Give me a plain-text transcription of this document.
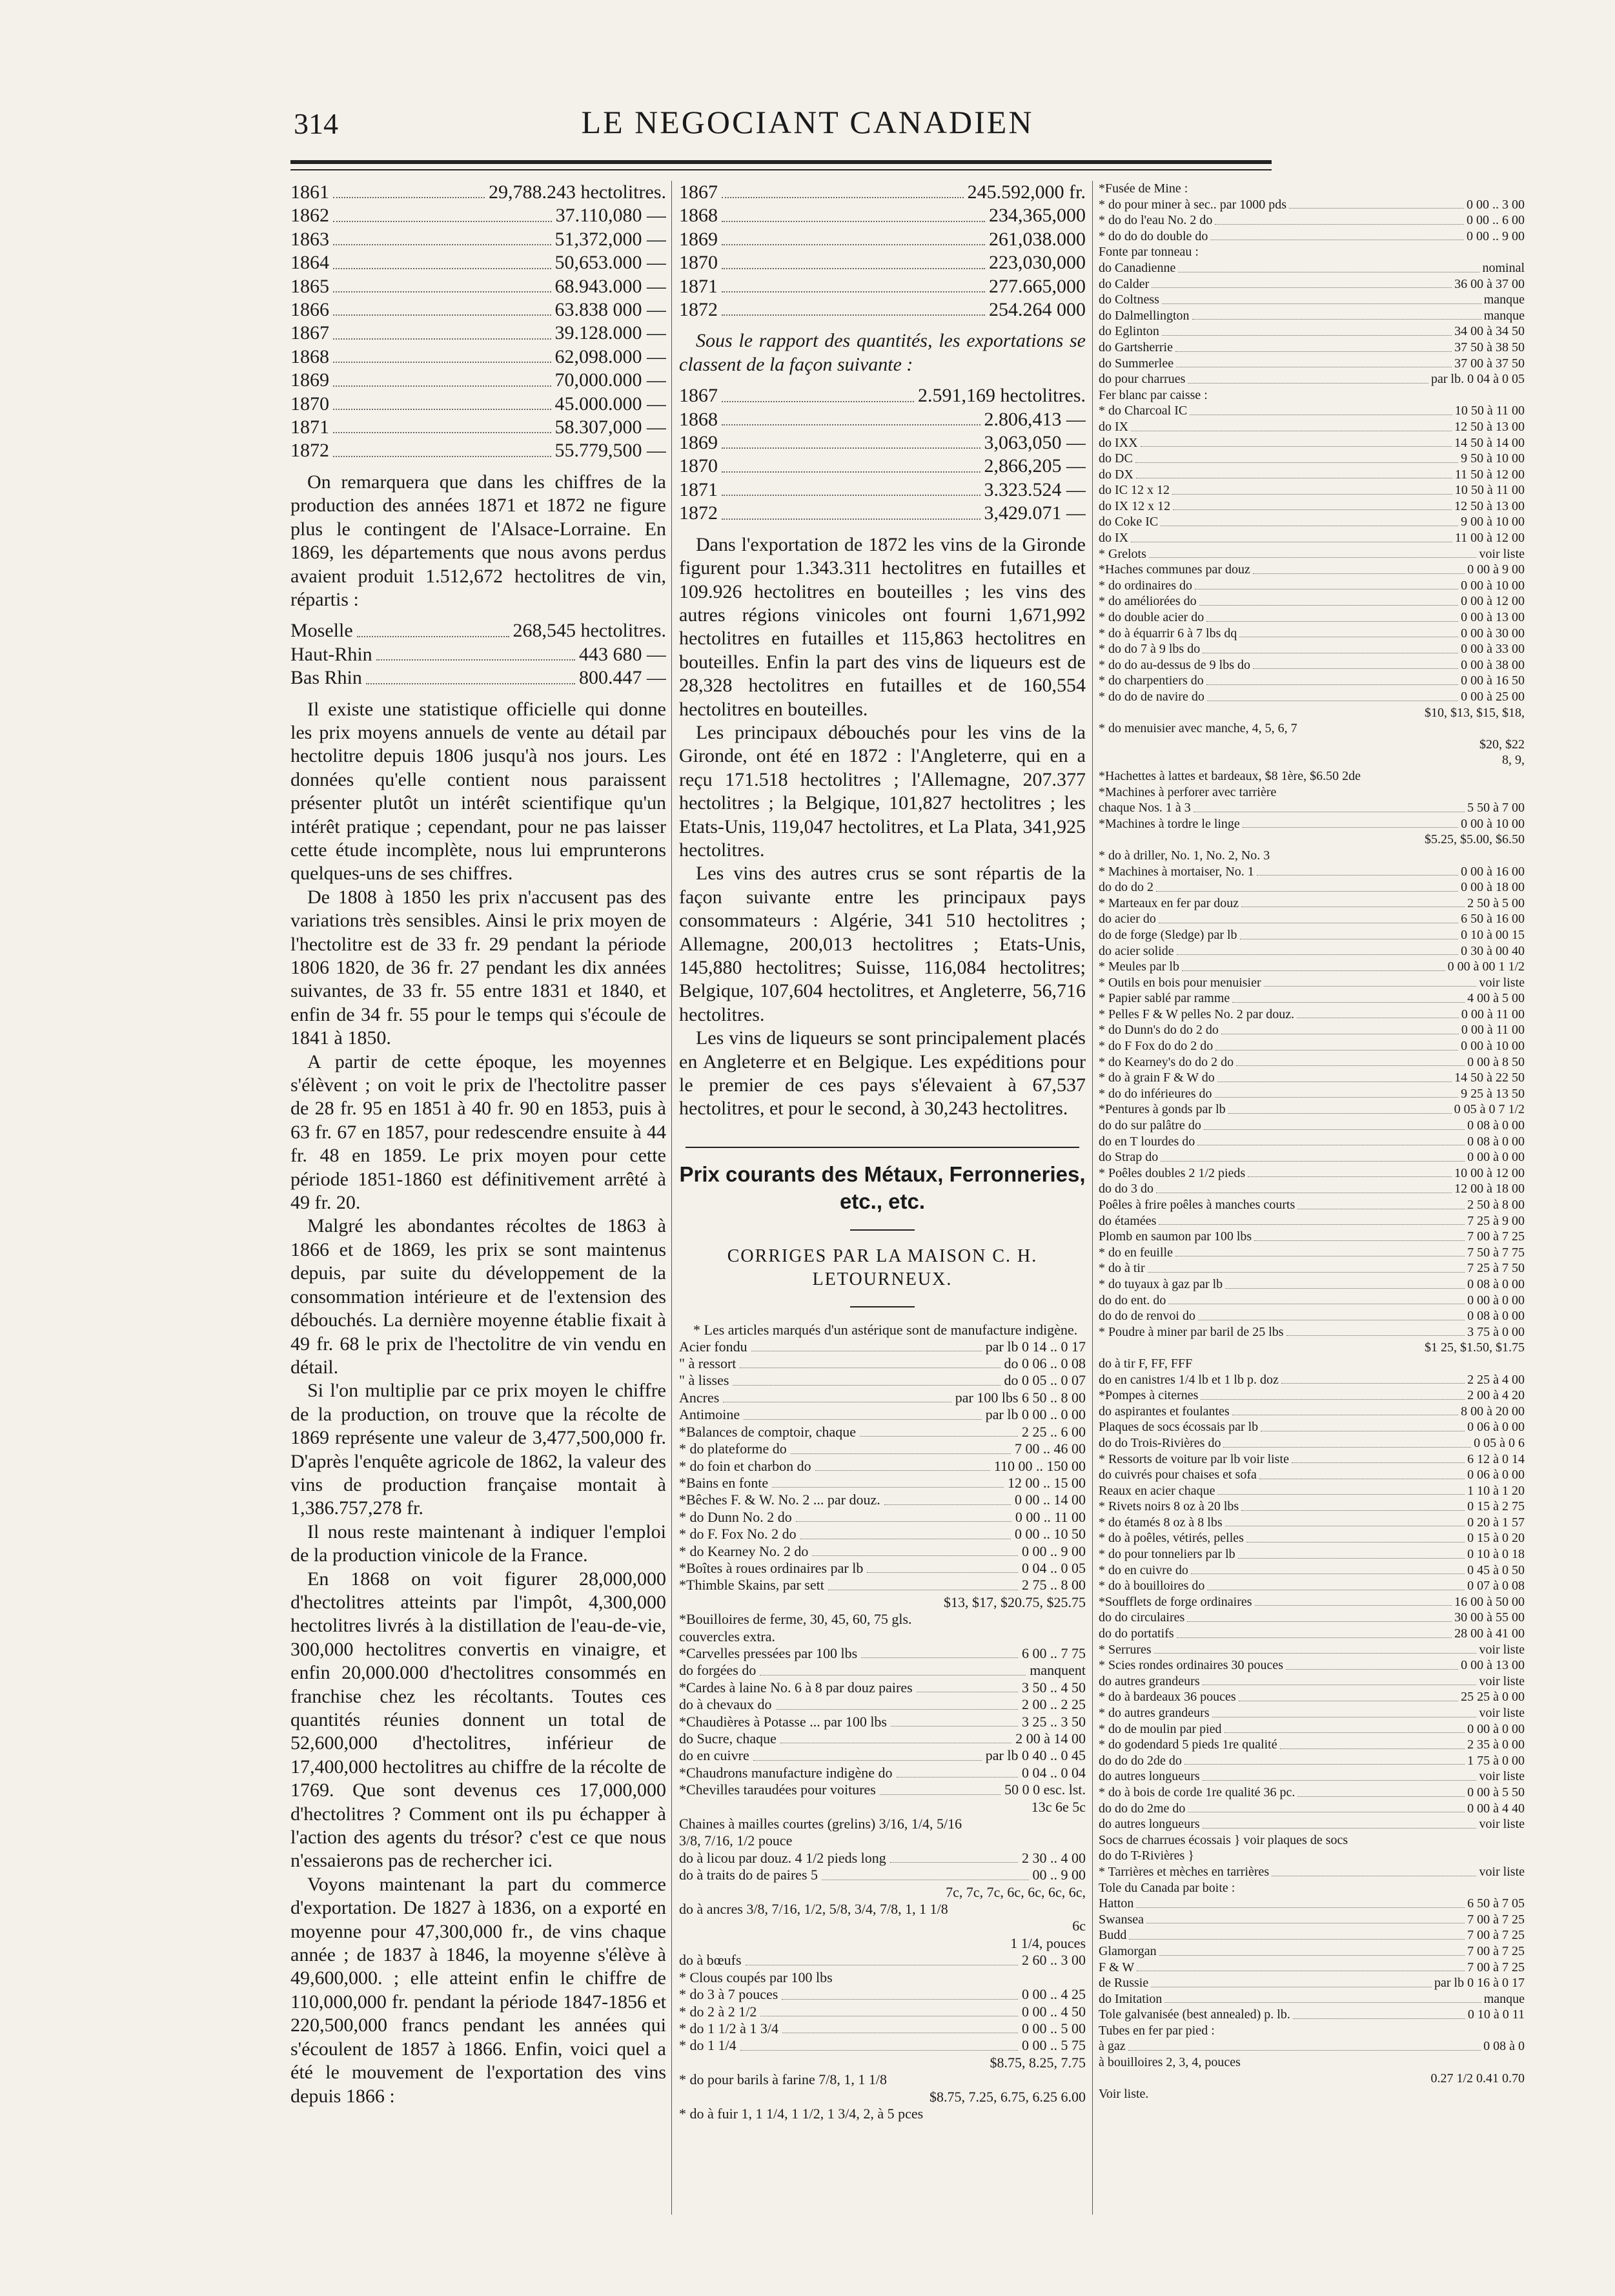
314	LE NEGOCIANT CANADIEN
1861	29,788.243 hectolitres.
1862	37.110,080 —
1863	51,372,000 —
1864	50,653.000 —
1865	68.943.000 —
1866	63.838 000 —
1867	39.128.000 —
1868	62,098.000 —
1869	70,000.000 —
1870	45.000.000 —
1871	58.307,000 —
1872	55.779,500 —

On remarquera que dans les chiffres de la production des années 1871 et 1872 ne figure plus le contingent de l'Alsace-Lorraine. En 1869, les départements que nous avons perdus avaient produit 1.512,672 hectolitres de vin, répartis :

Moselle	268,545 hectolitres.
Haut-Rhin	443 680 —
Bas Rhin	800.447 —

Il existe une statistique officielle qui donne les prix moyens annuels de vente au détail par hectolitre depuis 1806 jusqu'à nos jours. Les données qu'elle contient nous paraissent présenter plutôt un intérêt scientifique qu'un intérêt pratique ; cependant, pour ne pas laisser cette étude incomplète, nous lui emprunterons quelques-uns de ses chiffres.

De 1808 à 1850 les prix n'accusent pas des variations très sensibles. Ainsi le prix moyen de l'hectolitre est de 33 fr. 29 pendant la période 1806 1820, de 36 fr. 27 pendant les dix années suivantes, de 33 fr. 55 entre 1831 et 1840, et enfin de 34 fr. 55 pour le temps qui s'écoule de 1841 à 1850.

A partir de cette époque, les moyennes s'élèvent ; on voit le prix de l'hectolitre passer de 28 fr. 95 en 1851 à 40 fr. 90 en 1853, puis à 63 fr. 67 en 1857, pour redescendre ensuite à 44 fr. 48 en 1859. Le prix moyen pour cette période 1851-1860 est définitivement arrêté à 49 fr. 20.

Malgré les abondantes récoltes de 1863 à 1866 et de 1869, les prix se sont maintenus depuis, par suite du développement de la consommation intérieure et de l'extension des débouchés. La dernière moyenne établie fixait à 49 fr. 68 le prix de l'hectolitre de vin vendu en détail.

Si l'on multiplie par ce prix moyen le chiffre de la production, on trouve que la récolte de 1869 représente une valeur de 3,477,500,000 fr. D'après l'enquête agricole de 1862, la valeur des vins de production française montait à 1,386.757,278 fr.

Il nous reste maintenant à indiquer l'emploi de la production vinicole de la France.

En 1868 on voit figurer 28,000,000 d'hectolitres atteints par l'impôt, 4,300,000 hectolitres livrés à la distillation de l'eau-de-vie, 300,000 hectolitres convertis en vinaigre, et enfin 20,000.000 d'hectolitres consommés en franchise chez les récoltants. Toutes ces quantités réunies donnent un total de 52,600,000 d'hectolitres, inférieur de 17,400,000 hectolitres au chiffre de la récolte de 1769. Que sont devenus ces 17,000,000 d'hectolitres ? Comment ont ils pu échapper à l'action des agents du trésor? c'est ce que nous n'essaierons pas de rechercher ici.

Voyons maintenant la part du commerce d'exportation. De 1827 à 1836, on a exporté en moyenne pour 47,300,000 fr., de vins chaque année ; de 1837 à 1846, la moyenne s'élève à 49,600,000. ; elle atteint enfin le chiffre de 110,000,000 fr. pendant la période 1847-1856 et 220,500,000 francs pendant les années qui s'écoulent de 1857 à 1866. Enfin, voici quel a été le mouvement de l'exportation des vins depuis 1866 :

1867	245.592,000 fr.
1868	234,365,000
1869	261,038.000
1870	223,030,000
1871	277.665,000
1872	254.264 000

Sous le rapport des quantités, les exportations se classent de la façon suivante :

1867	2.591,169 hectolitres.
1868	2.806,413 —
1869	3,063,050 —
1870	2,866,205 —
1871	3.323.524 —
1872	3,429.071 —

Dans l'exportation de 1872 les vins de la Gironde figurent pour 1.343.311 hectolitres en futailles et 109.926 hectolitres en bouteilles ; les vins des autres régions vinicoles ont fourni 1,671,992 hectolitres en futailles et 115,863 hectolitres en bouteilles. Enfin la part des vins de liqueurs est de 28,328 hectolitres en futailles et de 160,554 hectolitres en bouteilles.

Les principaux débouchés pour les vins de la Gironde, ont été en 1872 : l'Angleterre, qui en a reçu 171.518 hectolitres ; l'Allemagne, 207.377 hectolitres ; la Belgique, 101,827 hectolitres ; les Etats-Unis, 119,047 hectolitres, et La Plata, 341,925 hectolitres.

Les vins des autres crus se sont répartis de la façon suivante entre les principaux pays consommateurs : Algérie, 341 510 hectolitres ; Allemagne, 200,013 hectolitres ; Etats-Unis, 145,880 hectolitres; Suisse, 116,084 hectolitres; Belgique, 107,604 hectolitres, et Angleterre, 56,716 hectolitres.

Les vins de liqueurs se sont principalement placés en Angleterre et en Belgique. Les expéditions pour le premier de ces pays s'élevaient à 67,537 hectolitres, et pour le second, à 30,243 hectolitres.

Prix courants des Métaux, Ferronneries, etc., etc.
CORRIGES PAR LA MAISON C. H. LETOURNEUX.

* Les articles marqués d'un astérique sont de manufacture indigène.

Acier fondu	par lb 0 14 .. 0 17
" à ressort	do 0 06 .. 0 08
" à lisses	do 0 05 .. 0 07
Ancres	par 100 lbs 6 50 .. 8 00
Antimoine	par lb 0 00 .. 0 00
*Balances de comptoir, chaque	2 25 .. 6 00
* do plateforme do	7 00 .. 46 00
* do foin et charbon do	110 00 .. 150 00
*Bains en fonte	12 00 .. 15 00
*Bêches F. & W. No. 2 ... par douz.	0 00 .. 14 00
* do Dunn No. 2 do	0 00 .. 11 00
* do F. Fox No. 2 do	0 00 .. 10 50
* do Kearney No. 2 do	0 00 .. 9 00
*Boîtes à roues ordinaires par lb	0 04 .. 0 05
*Thimble Skains, par sett	2 75 .. 8 00
$13, $17, $20.75, $25.75
*Bouilloires de ferme, 30, 45, 60, 75 gls.
couvercles extra.
*Carvelles pressées par 100 lbs	6 00 .. 7 75
do forgées do	manquent
*Cardes à laine No. 6 à 8 par douz paires	3 50 .. 4 50
do à chevaux do	2 00 .. 2 25
*Chaudières à Potasse ... par 100 lbs	3 25 .. 3 50
do Sucre, chaque	2 00 à 14 00
do en cuivre	par lb 0 40 .. 0 45
*Chaudrons manufacture indigène do	0 04 .. 0 04
*Chevilles taraudées pour voitures	50 0 0 esc. lst.
13c 6e 5c
Chaines à mailles courtes (grelins) 3/16, 1/4, 5/16
3/8, 7/16, 1/2 pouce
do à licou par douz. 4 1/2 pieds long	2 30 .. 4 00
do à traits do de paires 5	00 .. 9 00
7c, 7c, 7c, 6c, 6c, 6c, 6c,
do à ancres 3/8, 7/16, 1/2, 5/8, 3/4, 7/8, 1, 1 1/8
6c
1 1/4, pouces
do à bœufs	2 60 .. 3 00
* Clous coupés par 100 lbs
* do 3 à 7 pouces	0 00 .. 4 25
* do 2 à 2 1/2	0 00 .. 4 50
* do 1 1/2 à 1 3/4	0 00 .. 5 00
* do 1 1/4	0 00 .. 5 75
$8.75, 8.25, 7.75
* do pour barils à farine 7/8, 1, 1 1/8
$8.75, 7.25, 6.75, 6.25 6.00
* do à fuir 1, 1 1/4, 1 1/2, 1 3/4, 2, à 5 pces
*Fusée de Mine :
* do pour miner à sec.. par 1000 pds	0 00 .. 3 00
* do do l'eau No. 2 do	0 00 .. 6 00
* do do do double do	0 00 .. 9 00
Fonte par tonneau :
do Canadienne	nominal
do Calder	36 00 à 37 00
do Coltness	manque
do Dalmellington	manque
do Eglinton	34 00 à 34 50
do Gartsherrie	37 50 à 38 50
do Summerlee	37 00 à 37 50
do pour charrues	par lb. 0 04 à 0 05
Fer blanc par caisse :
* do Charcoal IC	10 50 à 11 00
do IX	12 50 à 13 00
do IXX	14 50 à 14 00
do DC	9 50 à 10 00
do DX	11 50 à 12 00
do IC 12 x 12	10 50 à 11 00
do IX 12 x 12	12 50 à 13 00
do Coke IC	9 00 à 10 00
do IX	11 00 à 12 00
* Grelots	voir liste
*Haches communes par douz	0 00 à 9 00
* do ordinaires do	0 00 à 10 00
* do améliorées do	0 00 à 12 00
* do double acier do	0 00 à 13 00
* do à équarrir 6 à 7 lbs dq	0 00 à 30 00
* do do 7 à 9 lbs do	0 00 à 33 00
* do do au-dessus de 9 lbs do	0 00 à 38 00
* do charpentiers do	0 00 à 16 50
* do do de navire do	0 00 à 25 00
$10, $13, $15, $18,
* do menuisier avec manche, 4, 5, 6, 7
$20, $22
8, 9,
*Hachettes à lattes et bardeaux, $8 1ère, $6.50 2de
*Machines à perforer avec tarrière
chaque Nos. 1 à 3	5 50 à 7 00
*Machines à tordre le linge	0 00 à 10 00
$5.25, $5.00, $6.50
* do à driller, No. 1, No. 2, No. 3
* Machines à mortaiser, No. 1	0 00 à 16 00
do do do 2	0 00 à 18 00
* Marteaux en fer par douz	2 50 à 5 00
do acier do	6 50 à 16 00
do de forge (Sledge) par lb	0 10 à 00 15
do acier solide	0 30 à 00 40
* Meules par lb	0 00 à 00 1 1/2
* Outils en bois pour menuisier	voir liste
* Papier sablé par ramme	4 00 à 5 00
* Pelles F & W pelles No. 2 par douz.	0 00 à 11 00
* do Dunn's do do 2 do	0 00 à 11 00
* do F Fox do do 2 do	0 00 à 10 00
* do Kearney's do do 2 do	0 00 à 8 50
* do à grain F & W do	14 50 à 22 50
* do do inférieures do	9 25 à 13 50
*Pentures à gonds par lb	0 05 à 0 7 1/2
do do sur palâtre do	0 08 à 0 00
do en T lourdes do	0 08 à 0 00
do Strap do	0 00 à 0 00
* Poêles doubles 2 1/2 pieds	10 00 à 12 00
do do 3 do	12 00 à 18 00
Poêles à frire poêles à manches courts	2 50 à 8 00
do étamées	7 25 à 9 00
Plomb en saumon par 100 lbs	7 00 à 7 25
* do en feuille	7 50 à 7 75
* do à tir	7 25 à 7 50
* do tuyaux à gaz par lb	0 08 à 0 00
do do ent. do	0 00 à 0 00
do do de renvoi do	0 08 à 0 00
* Poudre à miner par baril de 25 lbs	3 75 à 0 00
$1 25, $1.50, $1.75
do à tir F, FF, FFF
do en canistres 1/4 lb et 1 lb p. doz	2 25 à 4 00
*Pompes à citernes	2 00 à 4 20
do aspirantes et foulantes	8 00 à 20 00
Plaques de socs écossais par lb	0 06 à 0 00
do do Trois-Rivières do	0 05 à 0 6
* Ressorts de voiture par lb voir liste	6 12 à 0 14
do cuivrés pour chaises et sofa	0 06 à 0 00
Reaux en acier chaque	1 10 à 1 20
* Rivets noirs 8 oz à 20 lbs	0 15 à 2 75
* do étamés 8 oz à 8 lbs	0 20 à 1 57
* do à poêles, vétirés, pelles	0 15 à 0 20
* do pour tonneliers par lb	0 10 à 0 18
* do en cuivre do	0 45 à 0 50
* do à bouilloires do	0 07 à 0 08
*Soufflets de forge ordinaires	16 00 à 50 00
do do circulaires	30 00 à 55 00
do do portatifs	28 00 à 41 00
* Serrures	voir liste
* Scies rondes ordinaires 30 pouces	0 00 à 13 00
do autres grandeurs	voir liste
* do à bardeaux 36 pouces	25 25 à 0 00
* do autres grandeurs	voir liste
* do de moulin par pied	0 00 à 0 00
* do godendard 5 pieds 1re qualité	2 35 à 0 00
do do do 2de do	1 75 à 0 00
do autres longueurs	voir liste
* do à bois de corde 1re qualité 36 pc.	0 00 à 5 50
do do do 2me do	0 00 à 4 40
do autres longueurs	voir liste
Socs de charrues écossais } voir plaques de socs
do do T-Rivières }
* Tarrières et mèches en tarrières	voir liste
Tole du Canada par boite :
Hatton	6 50 à 7 05
Swansea	7 00 à 7 25
Budd	7 00 à 7 25
Glamorgan	7 00 à 7 25
F & W	7 00 à 7 25
de Russie	par lb 0 16 à 0 17
do Imitation	manque
Tole galvanisée (best annealed) p. lb.	0 10 à 0 11
Tubes en fer par pied :
à gaz	0 08 à 0
à bouilloires 2, 3, 4, pouces
0.27 1/2 0.41 0.70
Voir liste.
